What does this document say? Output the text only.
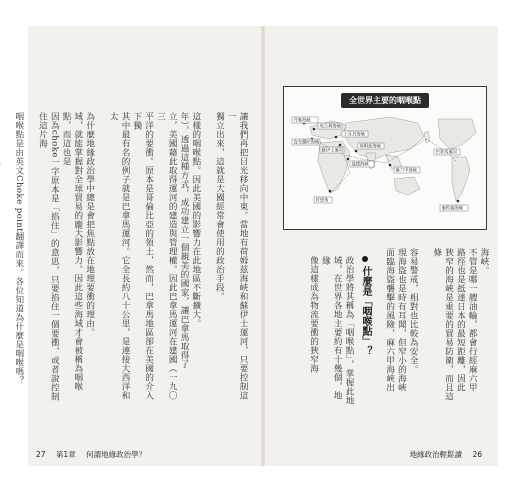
讓我們再把目光移向中東。當地有荷姆茲海峽和蘇伊士運河，只要控制這一
獨立出來，這就是大國經常會使用的政治手段。

這樣的咽喉點。因此美國的影響力在此地區不斷擴大。
年），透過這種方式，成功建立一個親美的國家，讓巴拿馬取得了
立，美國藉此取得運河的建造與管理權。因此巴拿馬運河在建國（一九〇三
平洋的要衝。原本是哥倫比亞的領土，然而，巴拿馬地區卻在美國的介入下獨
其中最有名的例子就是巴拿馬運河。它全長約八十公里，是連接大西洋和太

為什麼地緣政治學中總是會把焦點放在地理要衝的理由。
域，就能掌握對全球貿易的龐大影響力。因此這些海域才會被稱為咽喉點，而這也是
因為choke一字原本是「掐住」的意思，只要掐住一個要衝，或者說控制住這片海

咽喉點是由英文Choke point翻譯而來。各位知道為什麼是咽喉嗎？

27 第1章 何謂地緣政治學？
全世界主要的咽喉點
丹麥海峽
英吉利海峽
直布羅陀海峽
土耳其海峽
蘇伊士運河
荷姆茲海峽
曼德海峽
好望角
麻六甲海峽
巴拿馬運河
麥哲倫海峽
海峽。
不管是哪一艘油輪，都會行經麻六甲
路徑也是抵達日本的最短距離，因此
狹窄的海峽是重要的貿易防衛，而且這條

容易警戒，相對也比較為安全。
現海盜也是時有耳聞，但窄小的海峽
面臨海盜襲擊的風險，麻六甲海峽出
什麼是「咽喉點」？
政治學將其稱為「咽喉點」，掌握此地
域，在世界各地主要約有十幾個，地緣
像這樣成為物流要衝的狹窄海
地緣政治輕鬆讀 26
